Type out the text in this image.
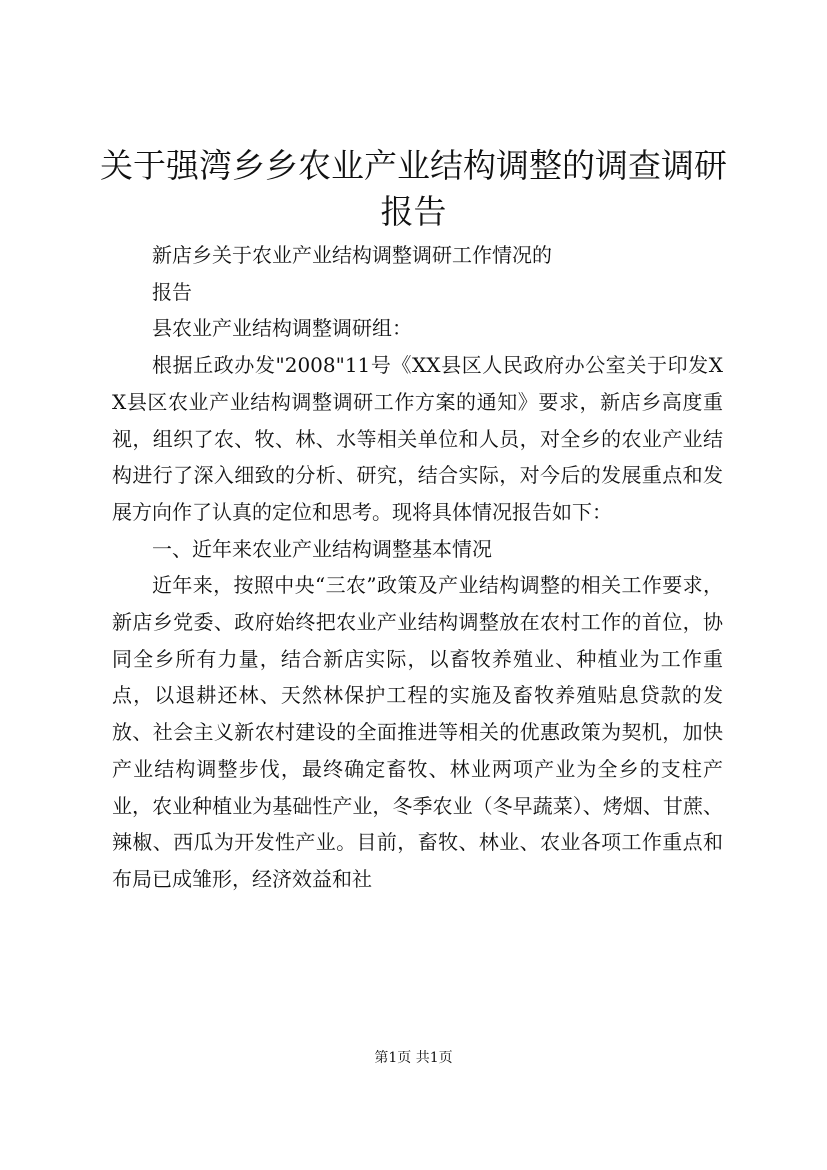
关于强湾乡乡农业产业结构调整的调查调研报告

新店乡关于农业产业结构调整调研工作情况的

报告

县农业产业结构调整调研组：

根据丘政办发"2008"11号《XX县区人民政府办公室关于印发XX县区农业产业结构调整调研工作方案的通知》要求，新店乡高度重视，组织了农、牧、林、水等相关单位和人员，对全乡的农业产业结构进行了深入细致的分析、研究，结合实际，对今后的发展重点和发展方向作了认真的定位和思考。现将具体情况报告如下：

一、近年来农业产业结构调整基本情况

近年来，按照中央“三农”政策及产业结构调整的相关工作要求，新店乡党委、政府始终把农业产业结构调整放在农村工作的首位，协同全乡所有力量，结合新店实际，以畜牧养殖业、种植业为工作重点，以退耕还林、天然林保护工程的实施及畜牧养殖贴息贷款的发放、社会主义新农村建设的全面推进等相关的优惠政策为契机，加快产业结构调整步伐，最终确定畜牧、林业两项产业为全乡的支柱产业，农业种植业为基础性产业，冬季农业（冬早蔬菜）、烤烟、甘蔗、辣椒、西瓜为开发性产业。目前，畜牧、林业、农业各项工作重点和布局已成雏形，经济效益和社

第1页 共1页
